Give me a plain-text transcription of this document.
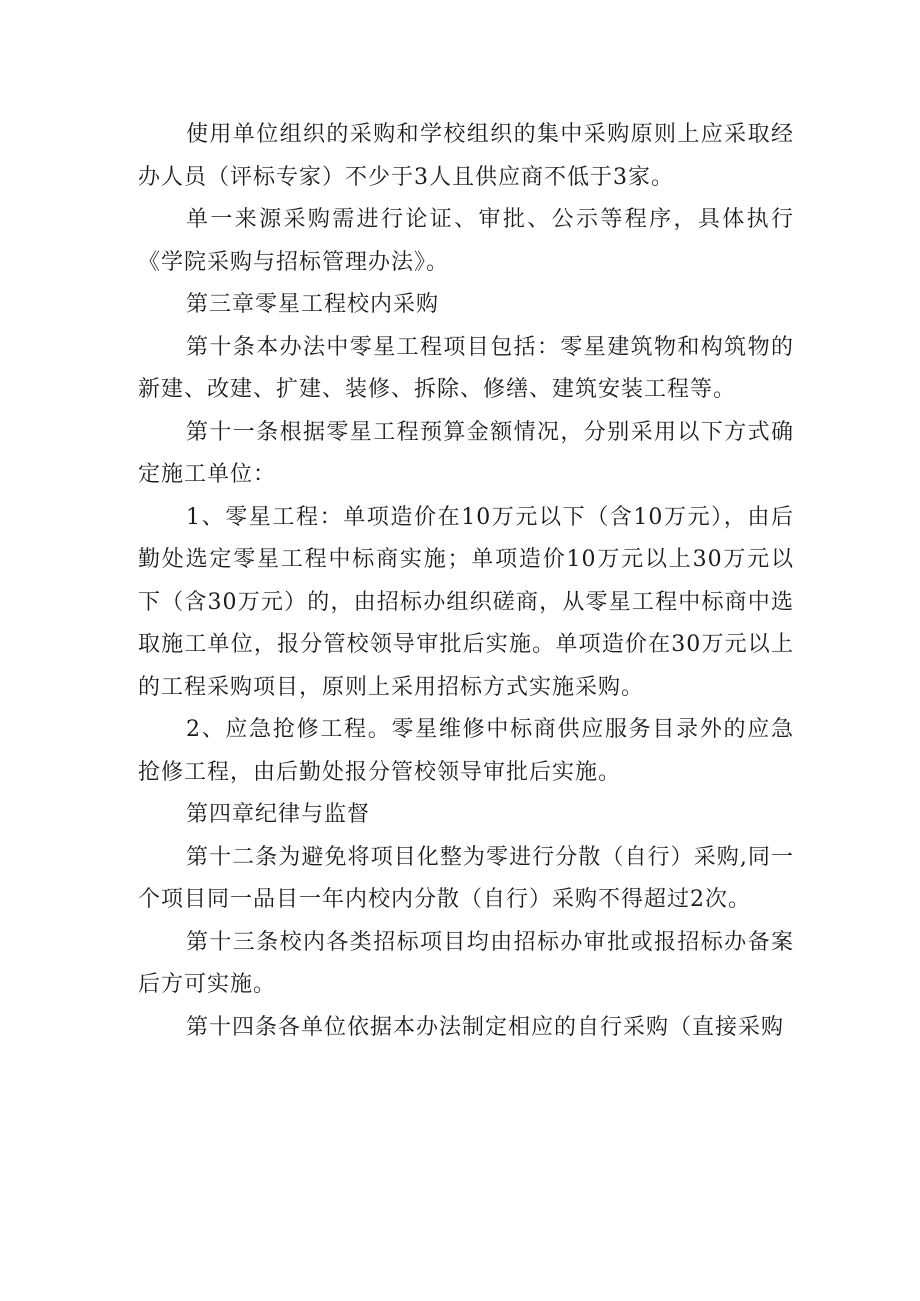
使用单位组织的采购和学校组织的集中采购原则上应采取经办人员（评标专家）不少于3人且供应商不低于3家。

单一来源采购需进行论证、审批、公示等程序，具体执行《学院采购与招标管理办法》。

第三章零星工程校内采购

第十条本办法中零星工程项目包括：零星建筑物和构筑物的新建、改建、扩建、装修、拆除、修缮、建筑安装工程等。

第十一条根据零星工程预算金额情况，分别采用以下方式确定施工单位：

1、零星工程：单项造价在10万元以下（含10万元），由后勤处选定零星工程中标商实施；单项造价10万元以上30万元以下（含30万元）的，由招标办组织磋商，从零星工程中标商中选取施工单位，报分管校领导审批后实施。单项造价在30万元以上的工程采购项目，原则上采用招标方式实施采购。

2、应急抢修工程。零星维修中标商供应服务目录外的应急抢修工程，由后勤处报分管校领导审批后实施。

第四章纪律与监督

第十二条为避免将项目化整为零进行分散（自行）采购,同一个项目同一品目一年内校内分散（自行）采购不得超过2次。

第十三条校内各类招标项目均由招标办审批或报招标办备案后方可实施。

第十四条各单位依据本办法制定相应的自行采购（直接采购
